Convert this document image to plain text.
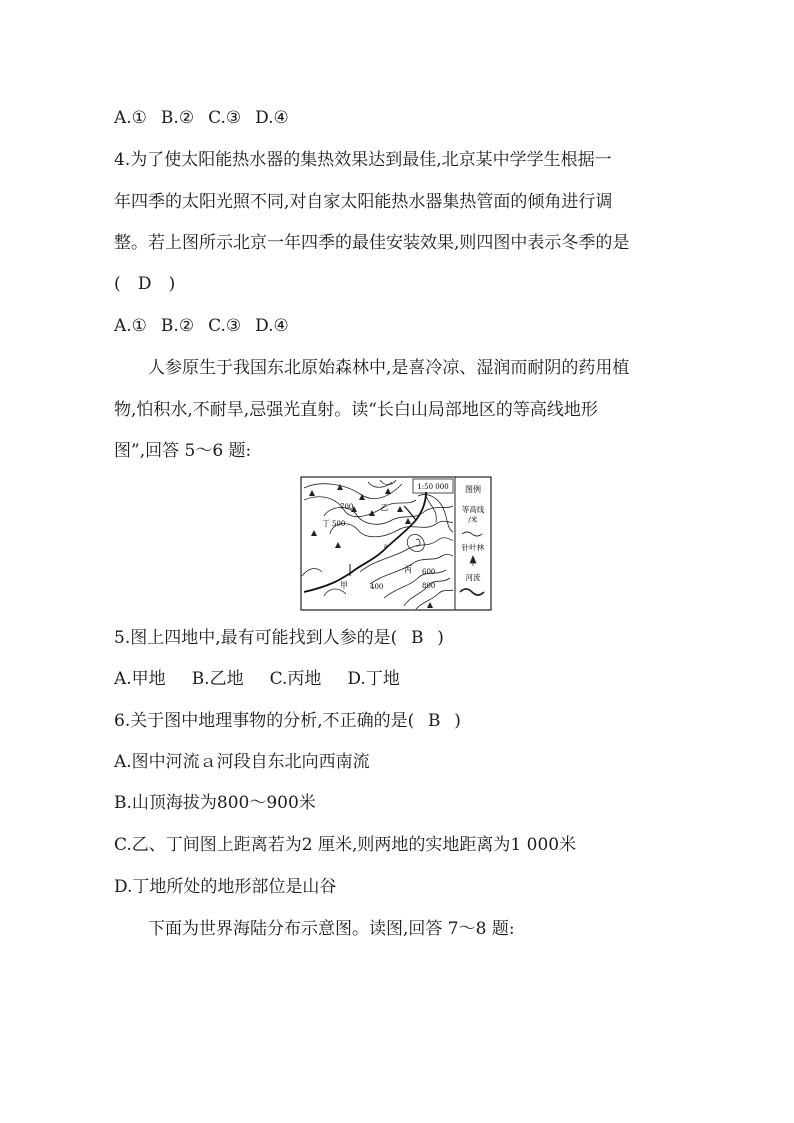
A.① B.② C.③ D.④
4.为了使太阳能热水器的集热效果达到最佳,北京某中学学生根据一
年四季的太阳光照不同,对自家太阳能热水器集热管面的倾角进行调
整。若上图所示北京一年四季的最佳安装效果,则四图中表示冬季的是
( D )
A.① B.② C.③ D.④
人参原生于我国东北原始森林中,是喜冷凉、湿润而耐阴的药用植
物,怕积水,不耐旱,忌强光直射。读“长白山局部地区的等高线地形
图”,回答 5～6 题:
1:50 000 图例
等高线
/米
针叶林
河流
700
500
400
600
800
乙
丁
丙
甲
a
5.图上四地中,最有可能找到人参的是( B )
A.甲地 B.乙地 C.丙地 D.丁地
6.关于图中地理事物的分析,不正确的是( B )
A.图中河流ａ河段自东北向西南流
B.山顶海拔为800～900米
C.乙、丁间图上距离若为2 厘米,则两地的实地距离为1 000米
D.丁地所处的地形部位是山谷
下面为世界海陆分布示意图。读图,回答 7～8 题:
